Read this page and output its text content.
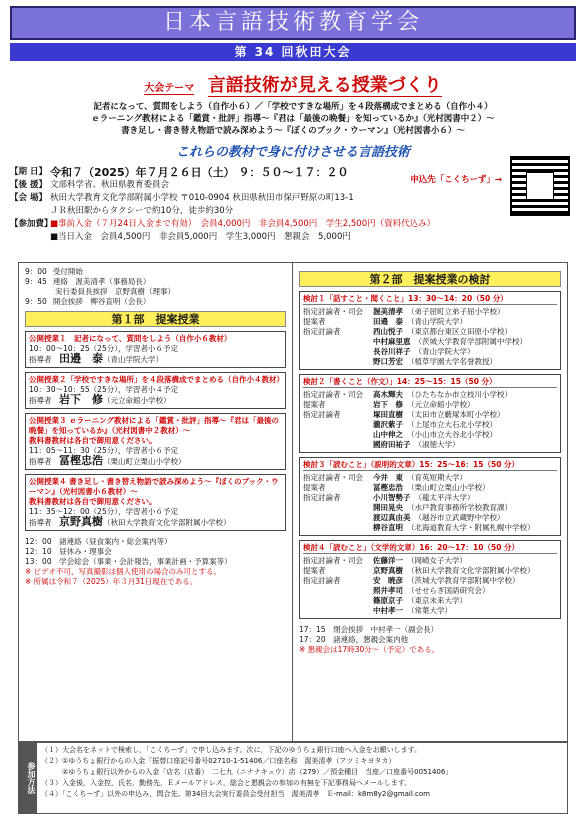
日本言語技術教育学会
第 34 回秋田大会
大会テーマ 言語技術が見える授業づくり
記者になって、質問をしよう（自作小６）／「学校ですきな場所」を４段落構成でまとめる（自作小４）
ｅラーニング教材による「鑑賞・批評」指導～『君は「最後の晩餐」を知っているか』（光村図書中２）～
書き足し・書き替え物語で読み深めよう～『ぼくのブック・ウーマン』（光村図書小６）～
これらの教材で身に付けさせる言語技術
申込先「こくちーず」→
【期 日】 令和７（2025）年７月２６日（土） ９：５０～１７：２０
【後 援】 文部科学省、秋田県教育委員会
【会 場】 秋田大学教育文化学部附属小学校 〒010-0904 秋田県秋田市保戸野原の町13-1
ＪＲ秋田駅からタクシーで約10分，徒歩約30分
【参加費】
■事前入金（７月24日入金まで有効）　会員4,000円　非会員4,500円　学生2,500円（資料代込み）
■当日入金　会員4,500円　非会員5,000円　学生3,000円　懇親会　5,000円
9：00 受付開始
9：45 連絡　渥美清孝（事務局長）
実行委員長挨拶　京野真樹（理事）
9：50 開会挨拶　柳谷直明（会長）
第１部　提案授業
公開授業１　記者になって、質問をしよう（自作小６教材）
10：00～10：25（25分），学習者小６予定
指導者　 田邉　泰（青山学院大学）
公開授業２「学校ですきな場所」を４段落構成でまとめる（自作小４教材）
10：30～10：55（25分），学習者小４予定
指導者　 岩下　修（元立命館小学校）
公開授業３ ｅラーニング教材による「鑑賞・批評」指導～『君は「最後の晩餐」を知っているか』（光村図書中２教材）～
教科書教材は各自で御用意ください。
11：05～11：30（25分），学習者小６予定
指導者　 冨樫忠浩（栗山町立栗山小学校）
公開授業４ 書き足し・書き替え物語で読み深めよう～『ぼくのブック・ウーマン』（光村図書小６教材）～
教科書教材は各自で御用意ください。
11：35～12：00（25分），学習者小６予定
指導者　 京野真樹（秋田大学教育文化学部附属小学校）
12：00　諸連絡（昼食案内・総会案内等）
12：10　昼休み・理事会
13：00　学会総会（事業・会計報告，事業計画・予算案等）
※ ビデオ不可，写真撮影は個人使用の場合のみ可とする。
※ 所属は令和７（2025）年３月31日現在である。
第２部　提案授業の検討
検討１「話すこと・聞くこと」13：30～14：20（50 分）
指定討論者・司会	渥美清孝 （弟子屈町立弟子屈小学校）
提案者	田邉　泰 （青山学院大学）
指定討論者	西山悦子 （東京都台東区立田原小学校）
中村麻里恵 （茨城大学教育学部附属中学校）
長谷川祥子 （青山学院大学）
野口芳宏 （植草学園大学名誉教授）
検討２「書くこと（作文）」14：25～15：15（50 分）
指定討論者・司会	高木輝夫 （ひたちなか市立枝川小学校）
提案者	岩下　修 （元立命館小学校）
指定討論者	塚田直樹 （太田市立藪塚本町小学校）
瀧沢紫子 （上尾市立大石北小学校）
山中伸之 （小山市立大谷北小学校）
國府田祐子 （淑徳大学）
検討３「読むこと」（説明的文章）15：25～16：15（50 分）
指定討論者・司会	今井　東 （育英短期大学）
提案者	冨樫忠浩 （栗山町立栗山小学校）
指定討論者	小川智勢子 （龍太平洋大学）
開田晃央 （水戸教育事務所学校教育課）
渡辺真由美 （越谷市立武蔵野中学校）
柳谷直明 （北海道教育大学・附属札幌中学校）
検討４「読むこと」（文学的文章）16：20～17：10（50 分）
指定討論者・司会	佐藤洋一 （岡崎女子大学）
提案者	京野真樹 （秋田大学教育文化学部附属小学校）
指定討論者	安　暁彦 （茨城大学教育学部附属中学校）
照井孝司 （せせらぎ国語研究会）
篠原京子 （東京未来大学）
中村孝一 （常葉大学）
17：15　閉会挨拶　中村孝一（副会長）
17：20　諸連絡，懇親会案内他
※ 懇親会は17時30分～（予定）である。
参加方法
（１）大会名をネットで検索し，「こくちーず」で申し込みます。次に，下記のゆうちょ銀行口座へ入金をお願いします。
（２）①ゆうちょ銀行からの入金「振替口座記号番号02710-1-51406／口座名称　渥美清孝（アツミキヨタカ）
　　　②ゆうちょ銀行以外からの入金「店名（店番）　二七九（ニナナキュウ）店（279）／預金種目　当座／口座番号0051406」
（３）入金後，入金控，氏名，勤務先，Ｅメールアドレス，総会と懇親会の参加の有無を下記事務局へメールします。
（４）「こくちーず」以外の申込み，問合先。第34回大会実行委員会受付担当　渥美清孝　Ｅ-mail：k8m8y2@gmail.com
